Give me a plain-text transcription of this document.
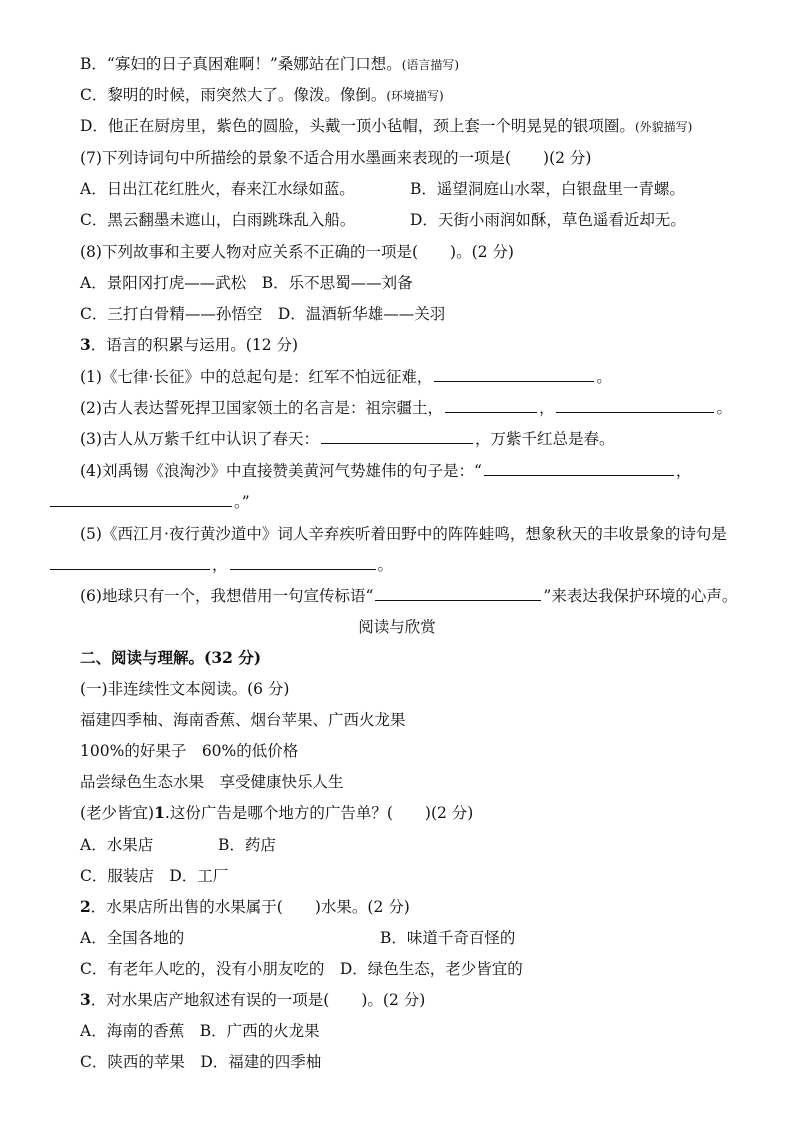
B．“寡妇的日子真困难啊！”桑娜站在门口想。(语言描写)
C．黎明的时候，雨突然大了。像泼。像倒。(环境描写)
D．他正在厨房里，紫色的圆脸，头戴一顶小毡帽，颈上套一个明晃晃的银项圈。(外貌描写)
(7)下列诗词句中所描绘的景象不适合用水墨画来表现的一项是( )(2 分)
A．日出江花红胜火，春来江水绿如蓝。	B．遥望洞庭山水翠，白银盘里一青螺。
C．黑云翻墨未遮山，白雨跳珠乱入船。	D．天街小雨润如酥，草色遥看近却无。
(8)下列故事和主要人物对应关系不正确的一项是( )。(2 分)
A．景阳冈打虎——武松　B．乐不思蜀——刘备
C．三打白骨精——孙悟空　D．温酒斩华雄——关羽
3．语言的积累与运用。(12 分)
(1)《七律·长征》中的总起句是：红军不怕远征难，	。
(2)古人表达誓死捍卫国家领土的名言是：祖宗疆土，	，	。
(3)古人从万紫千红中认识了春天：	，万紫千红总是春。
(4)刘禹锡《浪淘沙》中直接赞美黄河气势雄伟的句子是：“	，
。”
(5)《西江月·夜行黄沙道中》词人辛弃疾听着田野中的阵阵蛙鸣，想象秋天的丰收景象的诗句是
，	。
(6)地球只有一个，我想借用一句宣传标语“	”来表达我保护环境的心声。
阅读与欣赏
二、阅读与理解。(32 分)
(一)非连续性文本阅读。(6 分)
福建四季柚、海南香蕉、烟台苹果、广西火龙果
100%的好果子　60%的低价格
品尝绿色生态水果　享受健康快乐人生
(老少皆宜)1.这份广告是哪个地方的广告单？( )(2 分)
A．水果店	B．药店
C．服装店　D．工厂
2．水果店所出售的水果属于( )水果。(2 分)
A．全国各地的	B．味道千奇百怪的
C．有老年人吃的，没有小朋友吃的　D．绿色生态，老少皆宜的
3．对水果店产地叙述有误的一项是( )。(2 分)
A．海南的香蕉　B．广西的火龙果
C．陕西的苹果　D．福建的四季柚
